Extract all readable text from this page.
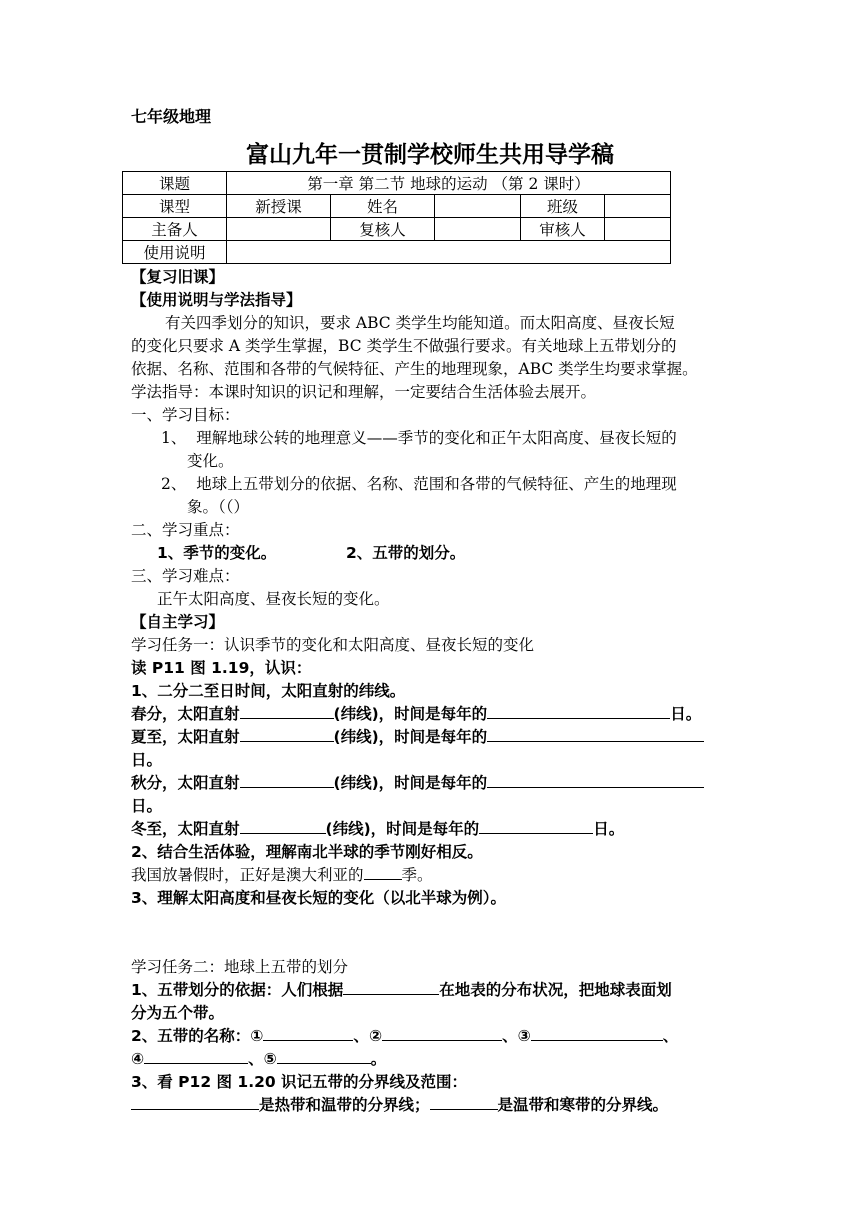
七年级地理
富山九年一贯制学校师生共用导学稿
课题	第一章 第二节 地球的运动 （第 2 课时）				
课型	新授课	姓名		班级	
主备人		复核人		审核人	
使用说明					
【复习旧课】
【使用说明与学法指导】
有关四季划分的知识，要求 ABC 类学生均能知道。而太阳高度、昼夜长短
的变化只要求 A 类学生掌握，BC 类学生不做强行要求。有关地球上五带划分的
依据、名称、范围和各带的气候特征、产生的地理现象，ABC 类学生均要求掌握。
学法指导：本课时知识的识记和理解，一定要结合生活体验去展开。
一、学习目标：
1、 理解地球公转的地理意义——季节的变化和正午太阳高度、昼夜长短的
变化。
2、 地球上五带划分的依据、名称、范围和各带的气候特征、产生的地理现
象。（（）
二、学习重点：
1、季节的变化。	2、五带的划分。
三、学习难点：
正午太阳高度、昼夜长短的变化。
【自主学习】
学习任务一：认识季节的变化和太阳高度、昼夜长短的变化
读 P11 图 1.19，认识：
1、二分二至日时间，太阳直射的纬线。
春分，太阳直射	(纬线)，时间是每年的	日。
夏至，太阳直射	(纬线)，时间是每年的
日。
秋分，太阳直射	(纬线)，时间是每年的
日。
冬至，太阳直射	(纬线)，时间是每年的	日。
2、结合生活体验，理解南北半球的季节刚好相反。
我国放暑假时，正好是澳大利亚的 季。
3、理解太阳高度和昼夜长短的变化（以北半球为例）。
学习任务二：地球上五带的划分
1、五带划分的依据：人们根据	在地表的分布状况，把地球表面划
分为五个带。
2、五带的名称：①	、②	、③	、
④	、⑤	。
3、看 P12 图 1.20 识记五带的分界线及范围：
是热带和温带的分界线；	是温带和寒带的分界线。
